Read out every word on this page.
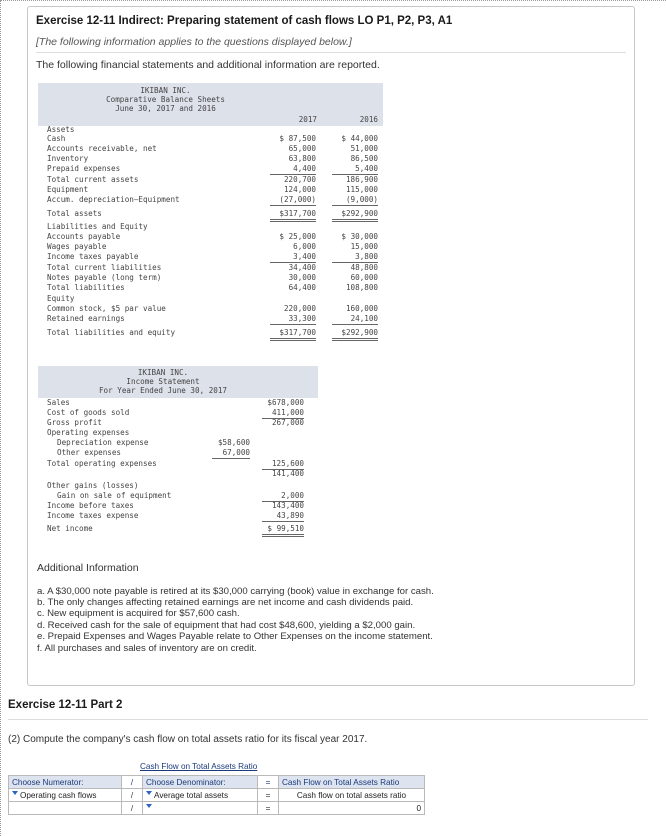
Exercise 12-11 Indirect: Preparing statement of cash flows LO P1, P2, P3, A1
[The following information applies to the questions displayed below.]
The following financial statements and additional information are reported.
IKIBAN INC.
Comparative Balance Sheets
June 30, 2017 and 2016
2017	2016
Assets
Cash	$ 87,500	$ 44,000
Accounts receivable, net	65,000	51,000
Inventory	63,800	86,500
Prepaid expenses	4,400	5,400
Total current assets	220,700	186,900
Equipment	124,000	115,000
Accum. depreciation—Equipment	(27,000)	(9,000)
Total assets	$317,700	$292,900
Liabilities and Equity
Accounts payable	$ 25,000	$ 30,000
Wages payable	6,000	15,000
Income taxes payable	3,400	3,800
Total current liabilities	34,400	48,800
Notes payable (long term)	30,000	60,000
Total liabilities	64,400	108,800
Equity
Common stock, $5 par value	220,000	160,000
Retained earnings	33,300	24,100
Total liabilities and equity	$317,700	$292,900
IKIBAN INC.
Income Statement
For Year Ended June 30, 2017
Sales	$678,000
Cost of goods sold	411,000
Gross profit	267,000
Operating expenses
Depreciation expense	$58,600
Other expenses	67,000
Total operating expenses	125,600
141,400
Other gains (losses)
Gain on sale of equipment	2,000
Income before taxes	143,400
Income taxes expense	43,890
Net income	$ 99,510
Additional Information
a. A $30,000 note payable is retired at its $30,000 carrying (book) value in exchange for cash.
b. The only changes affecting retained earnings are net income and cash dividends paid.
c. New equipment is acquired for $57,600 cash.
d. Received cash for the sale of equipment that had cost $48,600, yielding a $2,000 gain.
e. Prepaid Expenses and Wages Payable relate to Other Expenses on the income statement.
f. All purchases and sales of inventory are on credit.
Exercise 12-11 Part 2
(2) Compute the company's cash flow on total assets ratio for its fiscal year 2017.
Cash Flow on Total Assets Ratio
Choose Numerator:	/	Choose Denominator:	=	Cash Flow on Total Assets Ratio
Operating cash flows	/	Average total assets	=	Cash flow on total assets ratio
	/		=	0
